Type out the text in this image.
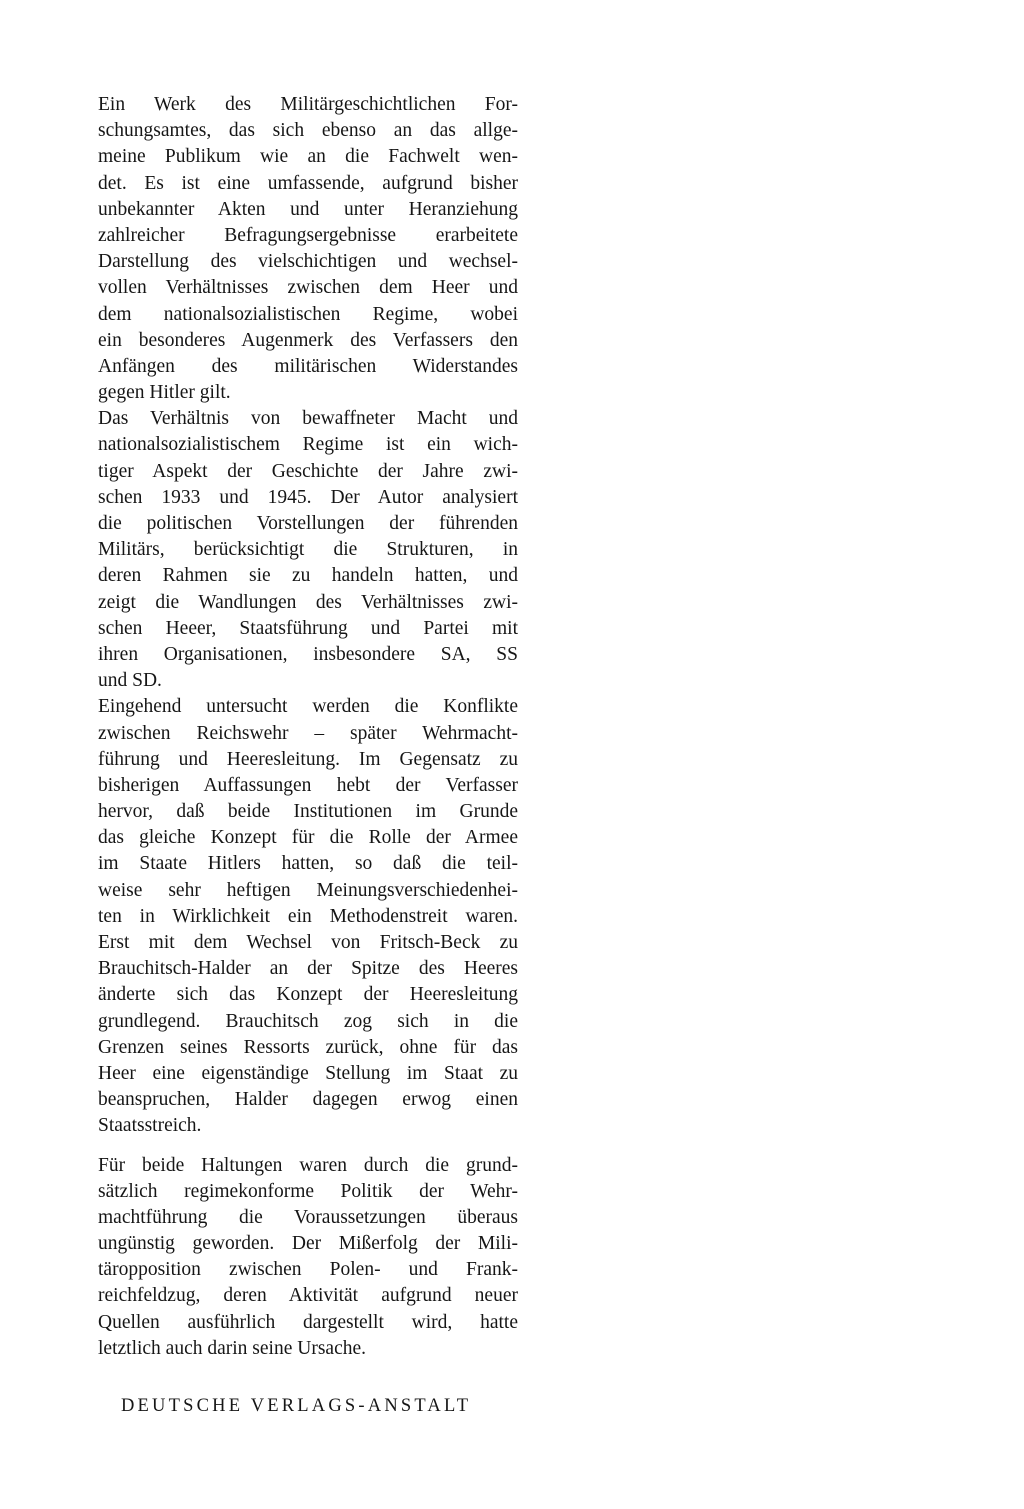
Ein Werk des Militärgeschichtlichen For-
schungsamtes, das sich ebenso an das allge-
meine Publikum wie an die Fachwelt wen-
det. Es ist eine umfassende, aufgrund bisher
unbekannter Akten und unter Heranziehung
zahlreicher Befragungsergebnisse erarbeitete
Darstellung des vielschichtigen und wechsel-
vollen Verhältnisses zwischen dem Heer und
dem nationalsozialistischen Regime, wobei
ein besonderes Augenmerk des Verfassers den
Anfängen des militärischen Widerstandes
gegen Hitler gilt.
Das Verhältnis von bewaffneter Macht und
nationalsozialistischem Regime ist ein wich-
tiger Aspekt der Geschichte der Jahre zwi-
schen 1933 und 1945. Der Autor analysiert
die politischen Vorstellungen der führenden
Militärs, berücksichtigt die Strukturen, in
deren Rahmen sie zu handeln hatten, und
zeigt die Wandlungen des Verhältnisses zwi-
schen Heeer, Staatsführung und Partei mit
ihren Organisationen, insbesondere SA, SS
und SD.
Eingehend untersucht werden die Konflikte
zwischen Reichswehr – später Wehrmacht-
führung und Heeresleitung. Im Gegensatz zu
bisherigen Auffassungen hebt der Verfasser
hervor, daß beide Institutionen im Grunde
das gleiche Konzept für die Rolle der Armee
im Staate Hitlers hatten, so daß die teil-
weise sehr heftigen Meinungsverschiedenhei-
ten in Wirklichkeit ein Methodenstreit waren.
Erst mit dem Wechsel von Fritsch-Beck zu
Brauchitsch-Halder an der Spitze des Heeres
änderte sich das Konzept der Heeresleitung
grundlegend. Brauchitsch zog sich in die
Grenzen seines Ressorts zurück, ohne für das
Heer eine eigenständige Stellung im Staat zu
beanspruchen, Halder dagegen erwog einen
Staatsstreich.
Für beide Haltungen waren durch die grund-
sätzlich regimekonforme Politik der Wehr-
machtführung die Voraussetzungen überaus
ungünstig geworden. Der Mißerfolg der Mili-
täropposition zwischen Polen- und Frank-
reichfeldzug, deren Aktivität aufgrund neuer
Quellen ausführlich dargestellt wird, hatte
letztlich auch darin seine Ursache.
DEUTSCHE VERLAGS-ANSTALT
